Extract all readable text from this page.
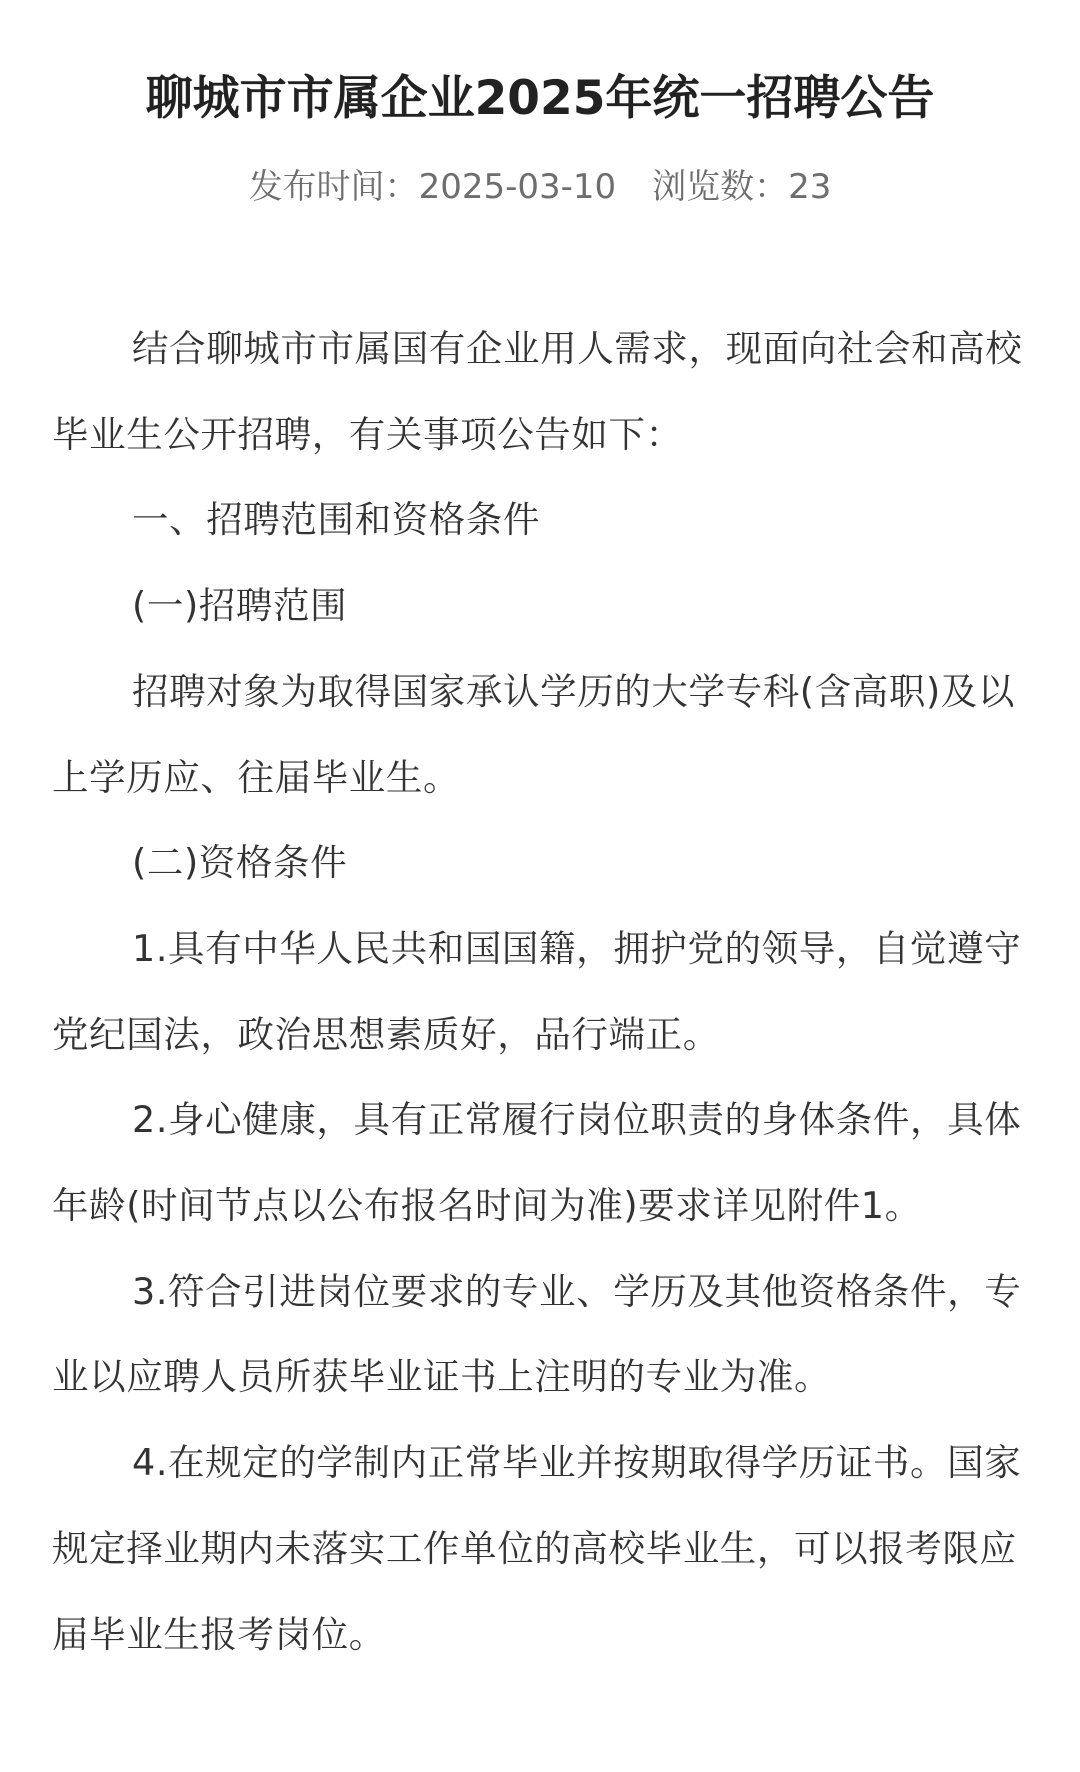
聊城市市属企业2025年统一招聘公告
发布时间：2025-03-10 浏览数：23

结合聊城市市属国有企业用人需求，现面向社会和高校毕业生公开招聘，有关事项公告如下：

一、招聘范围和资格条件

(一)招聘范围

招聘对象为取得国家承认学历的大学专科(含高职)及以上学历应、往届毕业生。

(二)资格条件

1.具有中华人民共和国国籍，拥护党的领导，自觉遵守党纪国法，政治思想素质好，品行端正。

2.身心健康，具有正常履行岗位职责的身体条件，具体年龄(时间节点以公布报名时间为准)要求详见附件1。

3.符合引进岗位要求的专业、学历及其他资格条件，专业以应聘人员所获毕业证书上注明的专业为准。

4.在规定的学制内正常毕业并按期取得学历证书。国家规定择业期内未落实工作单位的高校毕业生，可以报考限应届毕业生报考岗位。
